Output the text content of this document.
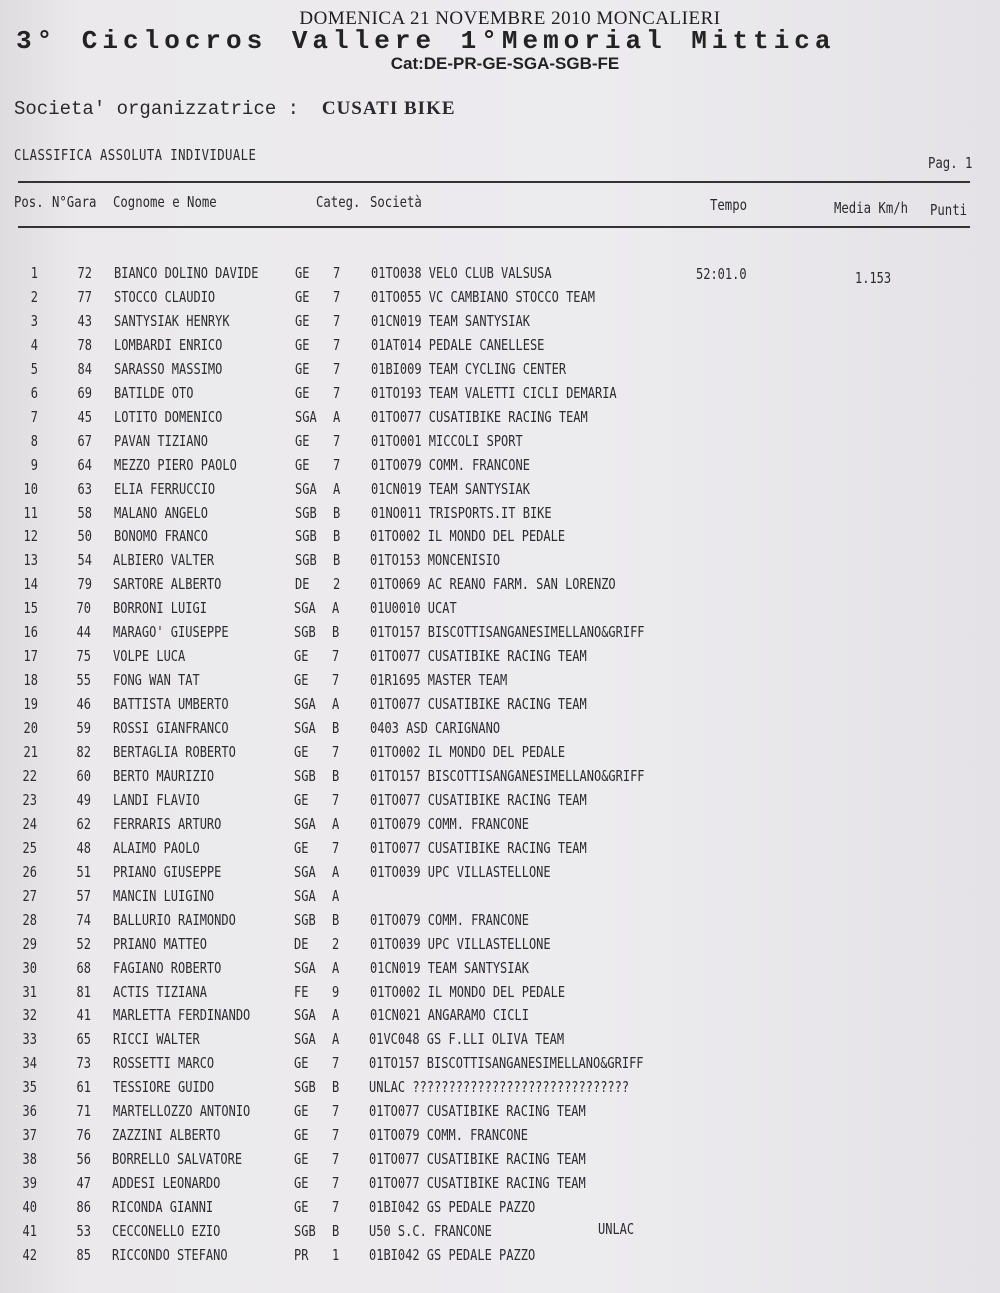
DOMENICA 21 NOVEMBRE 2010 MONCALIERI
3° Ciclocros Vallere 1°Memorial Mittica
Cat:DE-PR-GE-SGA-SGB-FE
Societa' organizzatrice : CUSATI BIKE
CLASSIFICA ASSOLUTA INDIVIDUALE	Pag. 1
Pos. N°Gara Cognome e Nome	Categ. Società	Tempo	Media Km/h Punti
1	72 BIANCO DOLINO DAVIDE GE 7 01TO038 VELO CLUB VALSUSA	52:01.0	1.153
2	77 STOCCO CLAUDIO	GE 7 01TO055 VC CAMBIANO STOCCO TEAM
3	43 SANTYSIAK HENRYK	GE 7 01CN019 TEAM SANTYSIAK
4	78 LOMBARDI ENRICO	GE 7 01AT014 PEDALE CANELLESE
5	84 SARASSO MASSIMO	GE 7 01BI009 TEAM CYCLING CENTER
6	69 BATILDE OTO	GE 7 01TO193 TEAM VALETTI CICLI DEMARIA
7	45 LOTITO DOMENICO	SGA A 01TO077 CUSATIBIKE RACING TEAM
8	67 PAVAN TIZIANO	GE 7 01TO001 MICCOLI SPORT
9	64 MEZZO PIERO PAOLO	GE 7 01TO079 COMM. FRANCONE
10	63 ELIA FERRUCCIO	SGA A 01CN019 TEAM SANTYSIAK
11	58 MALANO ANGELO	SGB B 01NO011 TRISPORTS.IT BIKE
12	50 BONOMO FRANCO	SGB B 01TO002 IL MONDO DEL PEDALE
13	54 ALBIERO VALTER	SGB B 01TO153 MONCENISIO
14	79 SARTORE ALBERTO	DE 2 01TO069 AC REANO FARM. SAN LORENZO
15	70 BORRONI LUIGI	SGA A 01U0010 UCAT
16	44 MARAGO' GIUSEPPE	SGB B 01TO157 BISCOTTISANGANESIMELLANO&GRIFF
17	75 VOLPE LUCA	GE 7 01TO077 CUSATIBIKE RACING TEAM
18	55 FONG WAN TAT	GE 7 01R1695 MASTER TEAM
19	46 BATTISTA UMBERTO	SGA A 01TO077 CUSATIBIKE RACING TEAM
20	59 ROSSI GIANFRANCO	SGA B 0403 ASD CARIGNANO
21	82 BERTAGLIA ROBERTO	GE 7 01TO002 IL MONDO DEL PEDALE
22	60 BERTO MAURIZIO	SGB B 01TO157 BISCOTTISANGANESIMELLANO&GRIFF
23	49 LANDI FLAVIO	GE 7 01TO077 CUSATIBIKE RACING TEAM
24	62 FERRARIS ARTURO	SGA A 01TO079 COMM. FRANCONE
25	48 ALAIMO PAOLO	GE 7 01TO077 CUSATIBIKE RACING TEAM
26	51 PRIANO GIUSEPPE	SGA A 01TO039 UPC VILLASTELLONE
27	57 MANCIN LUIGINO	SGA A
28	74 BALLURIO RAIMONDO	SGB B 01TO079 COMM. FRANCONE
29	52 PRIANO MATTEO	DE 2 01TO039 UPC VILLASTELLONE
30	68 FAGIANO ROBERTO	SGA A 01CN019 TEAM SANTYSIAK
31	81 ACTIS TIZIANA	FE 9 01TO002 IL MONDO DEL PEDALE
32	41 MARLETTA FERDINANDO	SGA A 01CN021 ANGARAMO CICLI
33	65 RICCI WALTER	SGA A 01VC048 GS F.LLI OLIVA TEAM
34	73 ROSSETTI MARCO	GE 7 01TO157 BISCOTTISANGANESIMELLANO&GRIFF
35	61 TESSIORE GUIDO	SGB B UNLAC ??????????????????????????????
36	71 MARTELLOZZO ANTONIO	GE 7 01TO077 CUSATIBIKE RACING TEAM
37	76 ZAZZINI ALBERTO	GE 7 01TO079 COMM. FRANCONE
38	56 BORRELLO SALVATORE	GE 7 01TO077 CUSATIBIKE RACING TEAM
39	47 ADDESI LEONARDO	GE 7 01TO077 CUSATIBIKE RACING TEAM
40	86 RICONDA GIANNI	GE 7 01BI042 GS PEDALE PAZZO
41	53 CECCONELLO EZIO	SGB B U50 S.C. FRANCONE	UNLAC
42	85 RICCONDO STEFANO	PR 1 01BI042 GS PEDALE PAZZO
